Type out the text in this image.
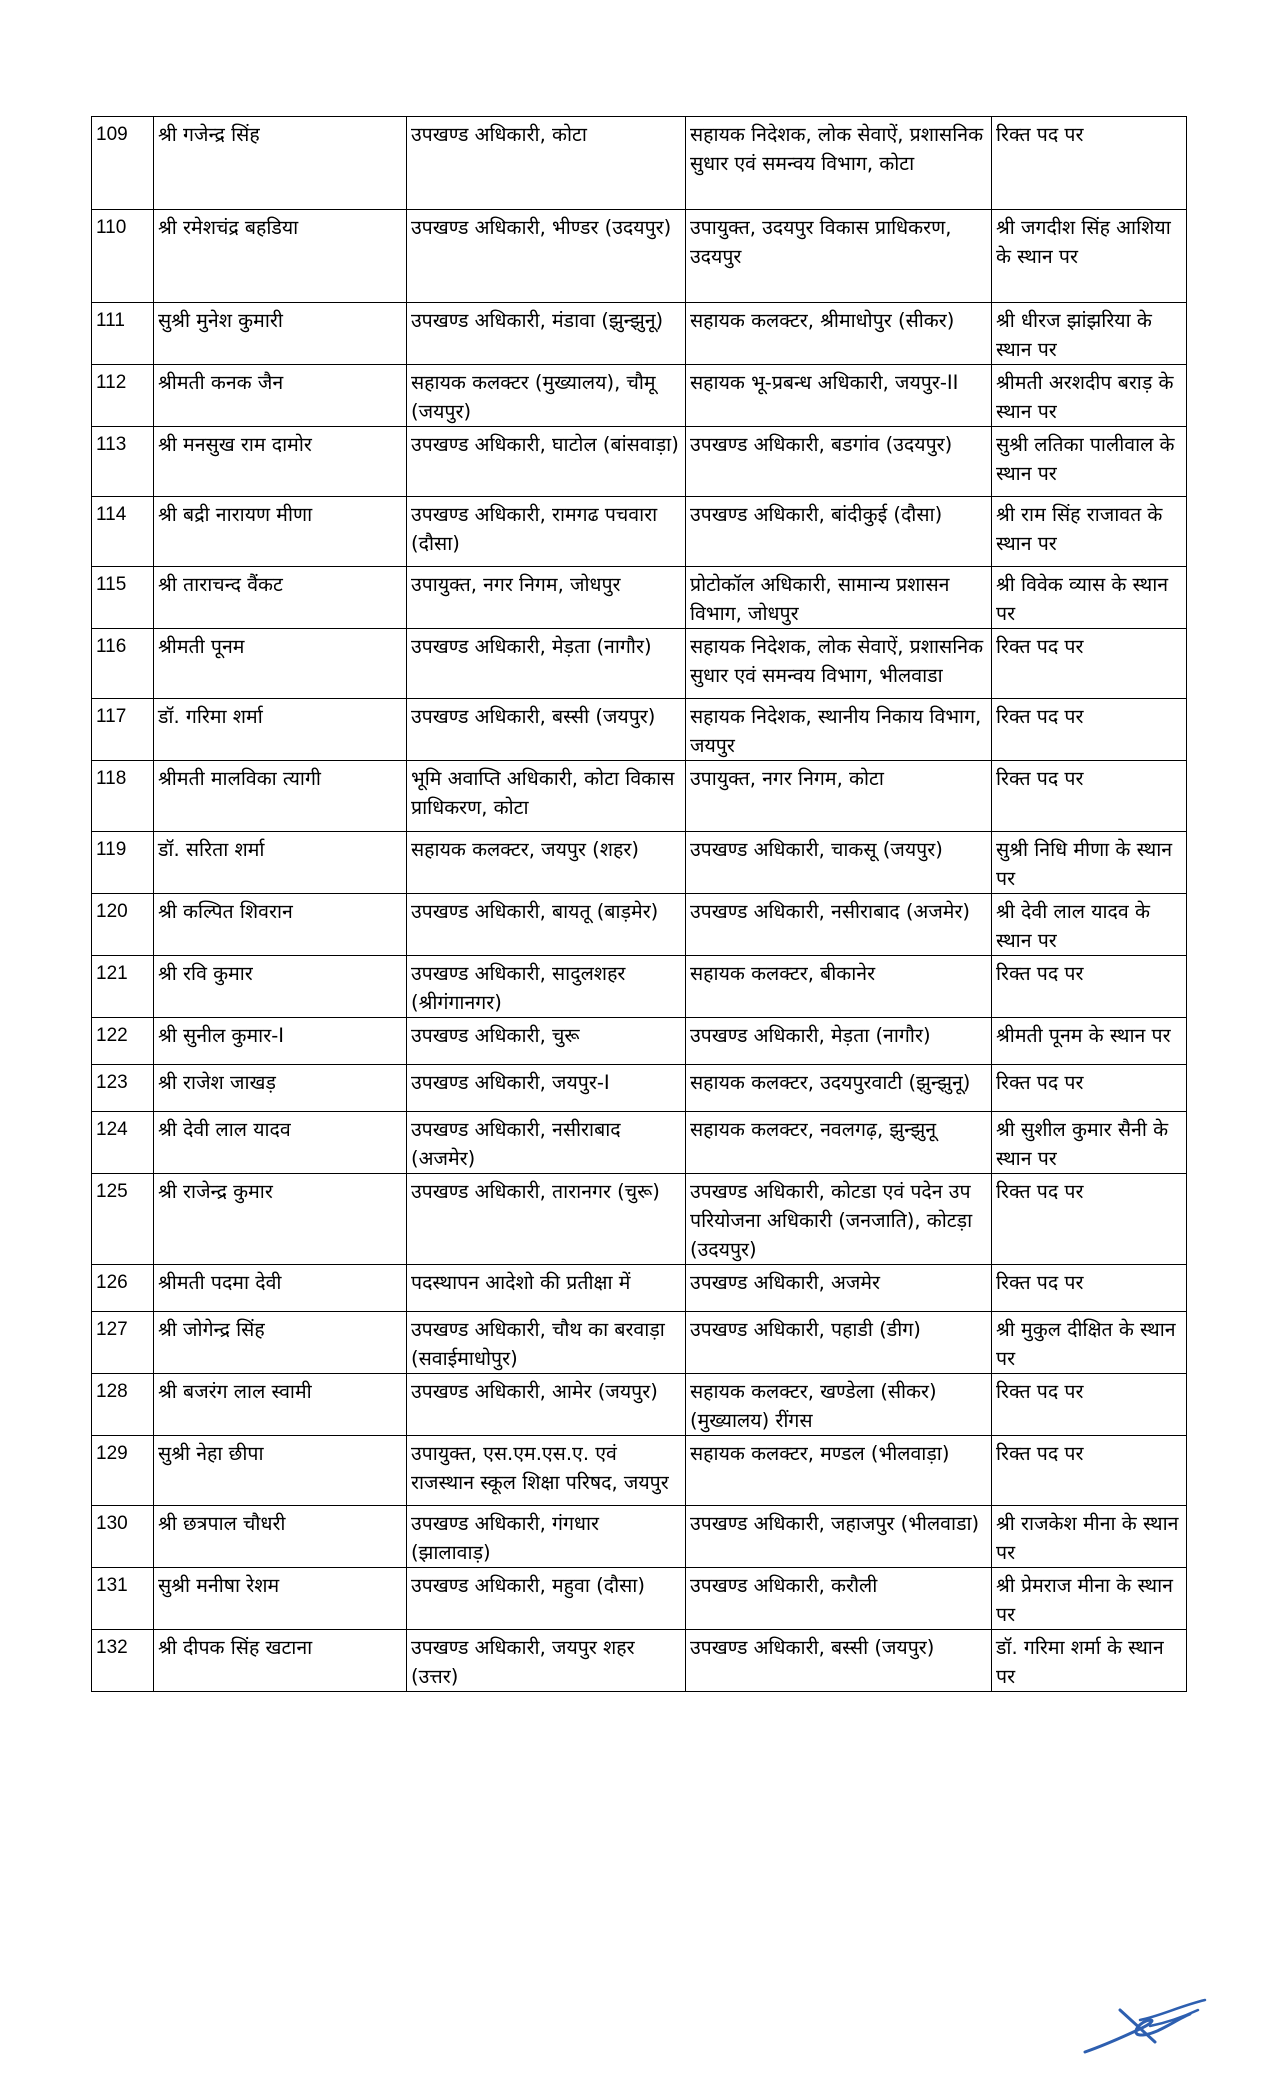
109	श्री गजेन्द्र सिंह	उपखण्ड अधिकारी, कोटा	सहायक निदेशक, लोक सेवाऐं, प्रशासनिक सुधार एवं समन्वय विभाग, कोटा	रिक्त पद पर
110	श्री रमेशचंद्र बहडिया	उपखण्ड अधिकारी, भीण्डर (उदयपुर)	उपायुक्त, उदयपुर विकास प्राधिकरण, उदयपुर	श्री जगदीश सिंह आशिया के स्थान पर
111	सुश्री मुनेश कुमारी	उपखण्ड अधिकारी, मंडावा (झुन्झुनू)	सहायक कलक्टर, श्रीमाधोपुर (सीकर)	श्री धीरज झांझरिया के स्थान पर
112	श्रीमती कनक जैन	सहायक कलक्टर (मुख्यालय), चौमू (जयपुर)	सहायक भू-प्रबन्ध अधिकारी, जयपुर-II	श्रीमती अरशदीप बराड़ के स्थान पर
113	श्री मनसुख राम दामोर	उपखण्ड अधिकारी, घाटोल (बांसवाड़ा)	उपखण्ड अधिकारी, बडगांव (उदयपुर)	सुश्री लतिका पालीवाल के स्थान पर
114	श्री बद्री नारायण मीणा	उपखण्ड अधिकारी, रामगढ पचवारा (दौसा)	उपखण्ड अधिकारी, बांदीकुई (दौसा)	श्री राम सिंह राजावत के स्थान पर
115	श्री ताराचन्द वैंकट	उपायुक्त, नगर निगम, जोधपुर	प्रोटोकॉल अधिकारी, सामान्य प्रशासन विभाग, जोधपुर	श्री विवेक व्यास के स्थान पर
116	श्रीमती पूनम	उपखण्ड अधिकारी, मेड़ता (नागौर)	सहायक निदेशक, लोक सेवाऐं, प्रशासनिक सुधार एवं समन्वय विभाग, भीलवाडा	रिक्त पद पर
117	डॉ. गरिमा शर्मा	उपखण्ड अधिकारी, बस्सी (जयपुर)	सहायक निदेशक, स्थानीय निकाय विभाग, जयपुर	रिक्त पद पर
118	श्रीमती मालविका त्यागी	भूमि अवाप्ति अधिकारी, कोटा विकास प्राधिकरण, कोटा	उपायुक्त, नगर निगम, कोटा	रिक्त पद पर
119	डॉ. सरिता शर्मा	सहायक कलक्टर, जयपुर (शहर)	उपखण्ड अधिकारी, चाकसू (जयपुर)	सुश्री निधि मीणा के स्थान पर
120	श्री कल्पित शिवरान	उपखण्ड अधिकारी, बायतू (बाड़मेर)	उपखण्ड अधिकारी, नसीराबाद (अजमेर)	श्री देवी लाल यादव के स्थान पर
121	श्री रवि कुमार	उपखण्ड अधिकारी, सादुलशहर (श्रीगंगानगर)	सहायक कलक्टर, बीकानेर	रिक्त पद पर
122	श्री सुनील कुमार-I	उपखण्ड अधिकारी, चुरू	उपखण्ड अधिकारी, मेड़ता (नागौर)	श्रीमती पूनम के स्थान पर
123	श्री राजेश जाखड़	उपखण्ड अधिकारी, जयपुर-I	सहायक कलक्टर, उदयपुरवाटी (झुन्झुनू)	रिक्त पद पर
124	श्री देवी लाल यादव	उपखण्ड अधिकारी, नसीराबाद (अजमेर)	सहायक कलक्टर, नवलगढ़, झुन्झुनू	श्री सुशील कुमार सैनी के स्थान पर
125	श्री राजेन्द्र कुमार	उपखण्ड अधिकारी, तारानगर (चुरू)	उपखण्ड अधिकारी, कोटडा एवं पदेन उप परियोजना अधिकारी (जनजाति), कोटड़ा (उदयपुर)	रिक्त पद पर
126	श्रीमती पदमा देवी	पदस्थापन आदेशो की प्रतीक्षा में	उपखण्ड अधिकारी, अजमेर	रिक्त पद पर
127	श्री जोगेन्द्र सिंह	उपखण्ड अधिकारी, चौथ का बरवाड़ा (सवाईमाधोपुर)	उपखण्ड अधिकारी, पहाडी (डीग)	श्री मुकुल दीक्षित के स्थान पर
128	श्री बजरंग लाल स्वामी	उपखण्ड अधिकारी, आमेर (जयपुर)	सहायक कलक्टर, खण्डेला (सीकर) (मुख्यालय) रींगस	रिक्त पद पर
129	सुश्री नेहा छीपा	उपायुक्त, एस.एम.एस.ए. एवं राजस्थान स्कूल शिक्षा परिषद, जयपुर	सहायक कलक्टर, मण्डल (भीलवाड़ा)	रिक्त पद पर
130	श्री छत्रपाल चौधरी	उपखण्ड अधिकारी, गंगधार (झालावाड़)	उपखण्ड अधिकारी, जहाजपुर (भीलवाडा)	श्री राजकेश मीना के स्थान पर
131	सुश्री मनीषा रेशम	उपखण्ड अधिकारी, महुवा (दौसा)	उपखण्ड अधिकारी, करौली	श्री प्रेमराज मीना के स्थान पर
132	श्री दीपक सिंह खटाना	उपखण्ड अधिकारी, जयपुर शहर (उत्तर)	उपखण्ड अधिकारी, बस्सी (जयपुर)	डॉ. गरिमा शर्मा के स्थान पर
